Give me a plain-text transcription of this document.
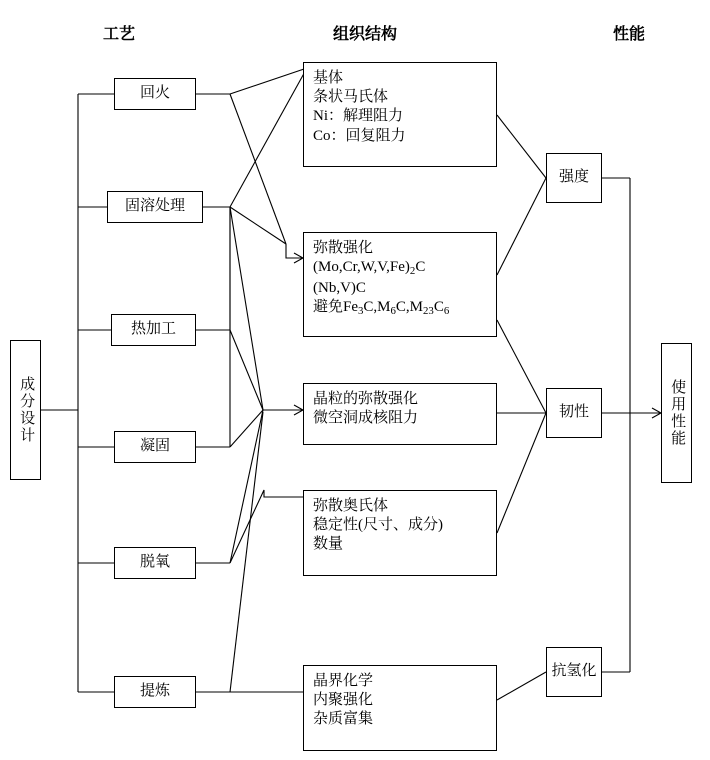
工艺	组织结构	性能
成分设计
回火
固溶处理
热加工
凝固
脱氧
提炼
基体
条状马氏体
Ni：解理阻力
Co：回复阻力
弥散强化
$(Mo,Cr,W,V,Fe)_2C$
(Nb,V)C
避免$Fe_3C,M_6C,M_{23}C_6$
晶粒的弥散强化
微空洞成核阻力
弥散奥氏体
稳定性(尺寸、成分)
数量
晶界化学
内聚强化
杂质富集
强度
韧性
抗氢化
使用性能
